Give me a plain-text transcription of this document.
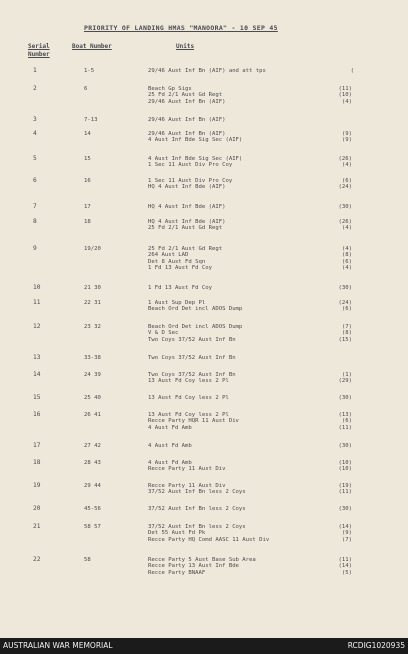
PRIORITY OF LANDING HMAS "MANOORA" - 10 SEP 45
Serial Number
Boat Number	Units
1	1-5	29/46 Aust Inf Bn (AIF) and att tps	(
2	6	Beach Gp Sigs	(11)
25 Fd 2/1 Aust Gd Regt	(10)
29/46 Aust Inf Bn (AIF)	(4)
3	7-13	29/46 Aust Inf Bn (AIF)
4	14	29/46 Aust Inf Bn (AIF)	(9)
4 Aust Inf Bde Sig Sec (AIF)	(9)
5	15	4 Aust Inf Bde Sig Sec (AIF)	(26)
1 Sec 11 Aust Div Pro Coy	(4)
6	16	1 Sec 11 Aust Div Pro Coy	(6)
HQ 4 Aust Inf Bde (AIF)	(24)
7	17	HQ 4 Aust Inf Bde (AIF)	(30)
8	18	HQ 4 Aust Inf Bde (AIF)	(26)
25 Fd 2/1 Aust Gd Regt	(4)
9	19/20	25 Fd 2/1 Aust Gd Regt	(4)
264 Aust LAD	(8)
Det 8 Aust Fd Sqn	(6)
1 Fd 13 Aust Fd Coy	(4)
10	21 30	1 Fd 13 Aust Fd Coy	(30)
11	22 31	1 Aust Sup Dep Pl	(24)
Beach Ord Det incl ADOS Dump	(6)
12	23 32	Beach Ord Det incl ADOS Dump	(7)
V & D Sec	(8)
Two Coys 37/52 Aust Inf Bn	(15)
13	33-38	Two Coys 37/52 Aust Inf Bn
14	24 39	Two Coys 37/52 Aust Inf Bn	(1)
13 Aust Fd Coy less 2 Pl	(29)
15	25 40	13 Aust Fd Coy less 2 Pl	(30)
16	26 41	13 Aust Fd Coy less 2 Pl	(13)
Recce Party HQR 11 Aust Div	(6)
4 Aust Fd Amb	(11)
17	27 42	4 Aust Fd Amb	(30)
18	28 43	4 Aust Fd Amb	(10)
Recce Party 11 Aust Div	(10)
19	29 44	Recce Party 11 Aust Div	(19)
37/52 Aust Inf Bn less 2 Coys	(11)
20	45-56	37/52 Aust Inf Bn less 2 Coys	(30)
21	58 57	37/52 Aust Inf Bn less 2 Coys	(14)
Det 55 Aust Fd Pk	(9)
Recce Party HQ Comd AASC 11 Aust Div	(7)
22	58	Recce Party 5 Aust Base Sub Area	(11)
Recce Party 13 Aust Inf Bde	(14)
Recce Party BNAAF	(5)
AUSTRALIAN WAR MEMORIAL	RCDIG1020935
